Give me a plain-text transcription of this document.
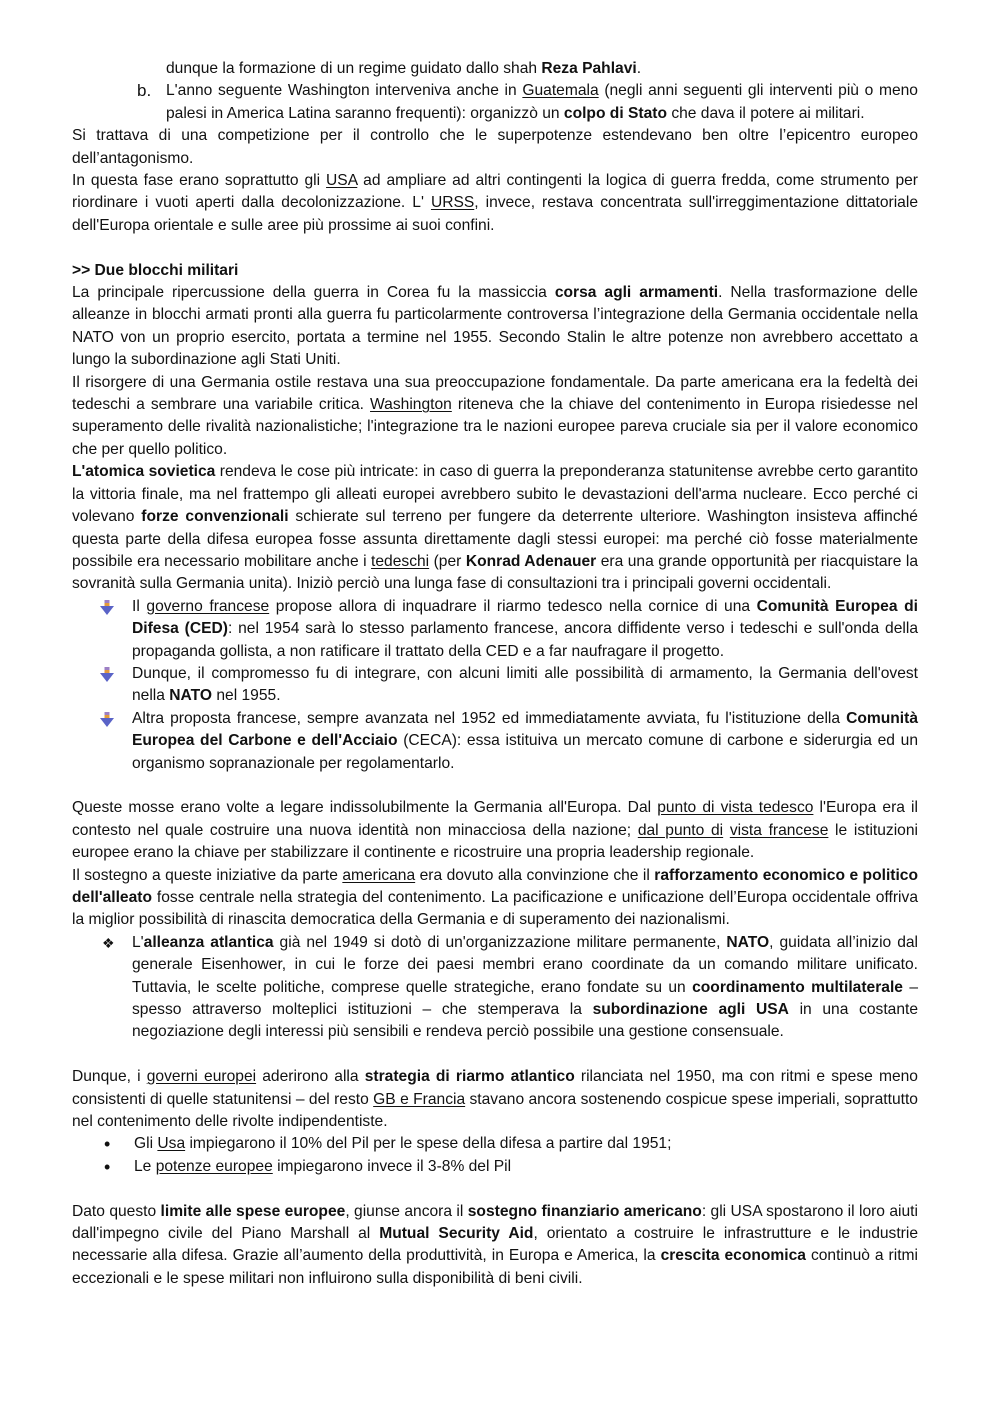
dunque la formazione di un regime guidato dallo shah Reza Pahlavi.

b. L'anno seguente Washington interveniva anche in Guatemala (negli anni seguenti gli interventi più o meno palesi in America Latina saranno frequenti): organizzò un colpo di Stato che dava il potere ai militari.

Si trattava di una competizione per il controllo che le superpotenze estendevano ben oltre l’epicentro europeo dell’antagonismo.

In questa fase erano soprattutto gli USA ad ampliare ad altri contingenti la logica di guerra fredda, come strumento per riordinare i vuoti aperti dalla decolonizzazione. L' URSS, invece, restava concentrata sull'irreggimentazione dittatoriale dell'Europa orientale e sulle aree più prossime ai suoi confini.

>> Due blocchi militari

La principale ripercussione della guerra in Corea fu la massiccia corsa agli armamenti. Nella trasformazione delle alleanze in blocchi armati pronti alla guerra fu particolarmente controversa l’integrazione della Germania occidentale nella NATO von un proprio esercito, portata a termine nel 1955. Secondo Stalin le altre potenze non avrebbero accettato a lungo la subordinazione agli Stati Uniti.

Il risorgere di una Germania ostile restava una sua preoccupazione fondamentale. Da parte americana era la fedeltà dei tedeschi a sembrare una variabile critica. Washington riteneva che la chiave del contenimento in Europa risiedesse nel superamento delle rivalità nazionalistiche; l'integrazione tra le nazioni europee pareva cruciale sia per il valore economico che per quello politico.

L'atomica sovietica rendeva le cose più intricate: in caso di guerra la preponderanza statunitense avrebbe certo garantito la vittoria finale, ma nel frattempo gli alleati europei avrebbero subito le devastazioni dell'arma nucleare. Ecco perché ci volevano forze convenzionali schierate sul terreno per fungere da deterrente ulteriore. Washington insisteva affinché questa parte della difesa europea fosse assunta direttamente dagli stessi europei: ma perché ciò fosse materialmente possibile era necessario mobilitare anche i tedeschi (per Konrad Adenauer era una grande opportunità per riacquistare la sovranità sulla Germania unita). Iniziò perciò una lunga fase di consultazioni tra i principali governi occidentali.

Il governo francese propose allora di inquadrare il riarmo tedesco nella cornice di una Comunità Europea di Difesa (CED): nel 1954 sarà lo stesso parlamento francese, ancora diffidente verso i tedeschi e sull'onda della propaganda gollista, a non ratificare il trattato della CED e a far naufragare il progetto.
Dunque, il compromesso fu di integrare, con alcuni limiti alle possibilità di armamento, la Germania dell'ovest nella NATO nel 1955.
Altra proposta francese, sempre avanzata nel 1952 ed immediatamente avviata, fu l'istituzione della Comunità Europea del Carbone e dell'Acciaio (CECA): essa istituiva un mercato comune di carbone e siderurgia ed un organismo sopranazionale per regolamentarlo.

Queste mosse erano volte a legare indissolubilmente la Germania all'Europa. Dal punto di vista tedesco l'Europa era il contesto nel quale costruire una nuova identità non minacciosa della nazione; dal punto di vista francese le istituzioni europee erano la chiave per stabilizzare il continente e ricostruire una propria leadership regionale.

Il sostegno a queste iniziative da parte americana era dovuto alla convinzione che il rafforzamento economico e politico dell'alleato fosse centrale nella strategia del contenimento. La pacificazione e unificazione dell’Europa occidentale offriva la miglior possibilità di rinascita democratica della Germania e di superamento dei nazionalismi.

❖	L'alleanza atlantica già nel 1949 si dotò di un'organizzazione militare permanente, NATO, guidata all’inizio dal generale Eisenhower, in cui le forze dei paesi membri erano coordinate da un comando militare unificato. Tuttavia, le scelte politiche, comprese quelle strategiche, erano fondate su un coordinamento multilaterale – spesso attraverso molteplici istituzioni – che stemperava la subordinazione agli USA in una costante negoziazione degli interessi più sensibili e rendeva perciò possibile una gestione consensuale.

Dunque, i governi europei aderirono alla strategia di riarmo atlantico rilanciata nel 1950, ma con ritmi e spese meno consistenti di quelle statunitensi – del resto GB e Francia stavano ancora sostenendo cospicue spese imperiali, soprattutto nel contenimento delle rivolte indipendentiste.

•	Gli Usa impiegarono il 10% del Pil per le spese della difesa a partire dal 1951;
•	Le potenze europee impiegarono invece il 3-8% del Pil

Dato questo limite alle spese europee, giunse ancora il sostegno finanziario americano: gli USA spostarono il loro aiuti dall'impegno civile del Piano Marshall al Mutual Security Aid, orientato a costruire le infrastrutture e le industrie necessarie alla difesa. Grazie all’aumento della produttività, in Europa e America, la crescita economica continuò a ritmi eccezionali e le spese militari non influirono sulla disponibilità di beni civili.
